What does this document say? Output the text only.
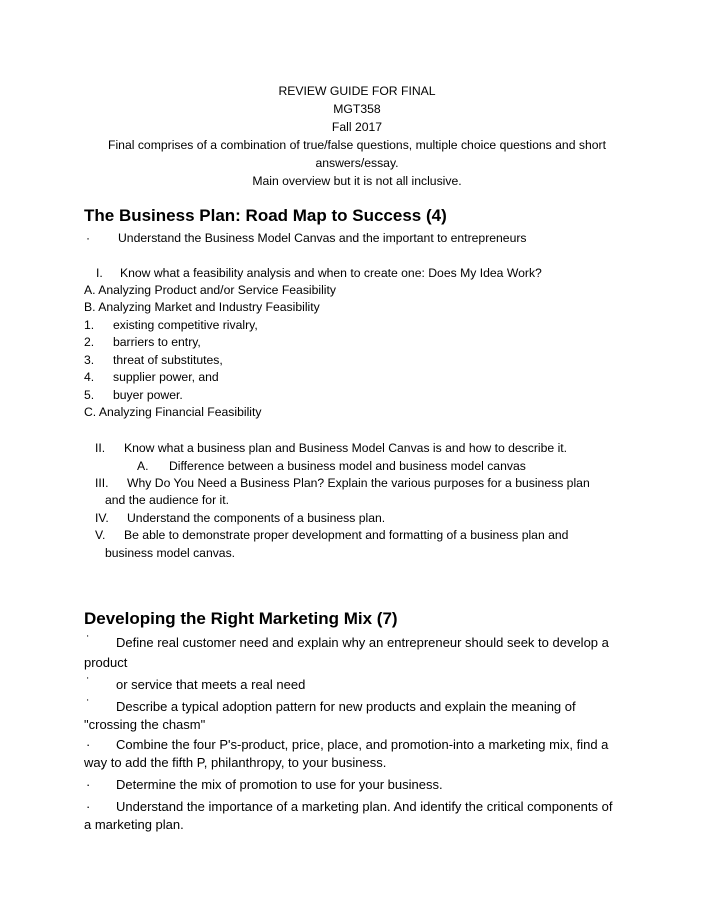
REVIEW GUIDE FOR FINAL
MGT358
Fall 2017
Final comprises of a combination of true/false questions, multiple choice questions and short
answers/essay.
Main overview but it is not all inclusive.
The Business Plan: Road Map to Success (4)
· Understand the Business Model Canvas and the important to entrepreneurs
I. Know what a feasibility analysis and when to create one: Does My Idea Work?
A. Analyzing Product and/or Service Feasibility
B. Analyzing Market and Industry Feasibility
1. existing competitive rivalry,
2. barriers to entry,
3. threat of substitutes,
4. supplier power, and
5. buyer power.
C. Analyzing Financial Feasibility
II. Know what a business plan and Business Model Canvas is and how to describe it.
A. Difference between a business model and business model canvas
III. Why Do You Need a Business Plan? Explain the various purposes for a business plan
and the audience for it.
IV. Understand the components of a business plan.
V. Be able to demonstrate proper development and formatting of a business plan and
business model canvas.
Developing the Right Marketing Mix (7)
˙ Define real customer need and explain why an entrepreneur should seek to develop a
product
˙ or service that meets a real need
˙ Describe a typical adoption pattern for new products and explain the meaning of
"crossing the chasm"
· Combine the four P's-product, price, place, and promotion-into a marketing mix, find a
way to add the fifth P, philanthropy, to your business.
· Determine the mix of promotion to use for your business.
· Understand the importance of a marketing plan. And identify the critical components of
a marketing plan.
